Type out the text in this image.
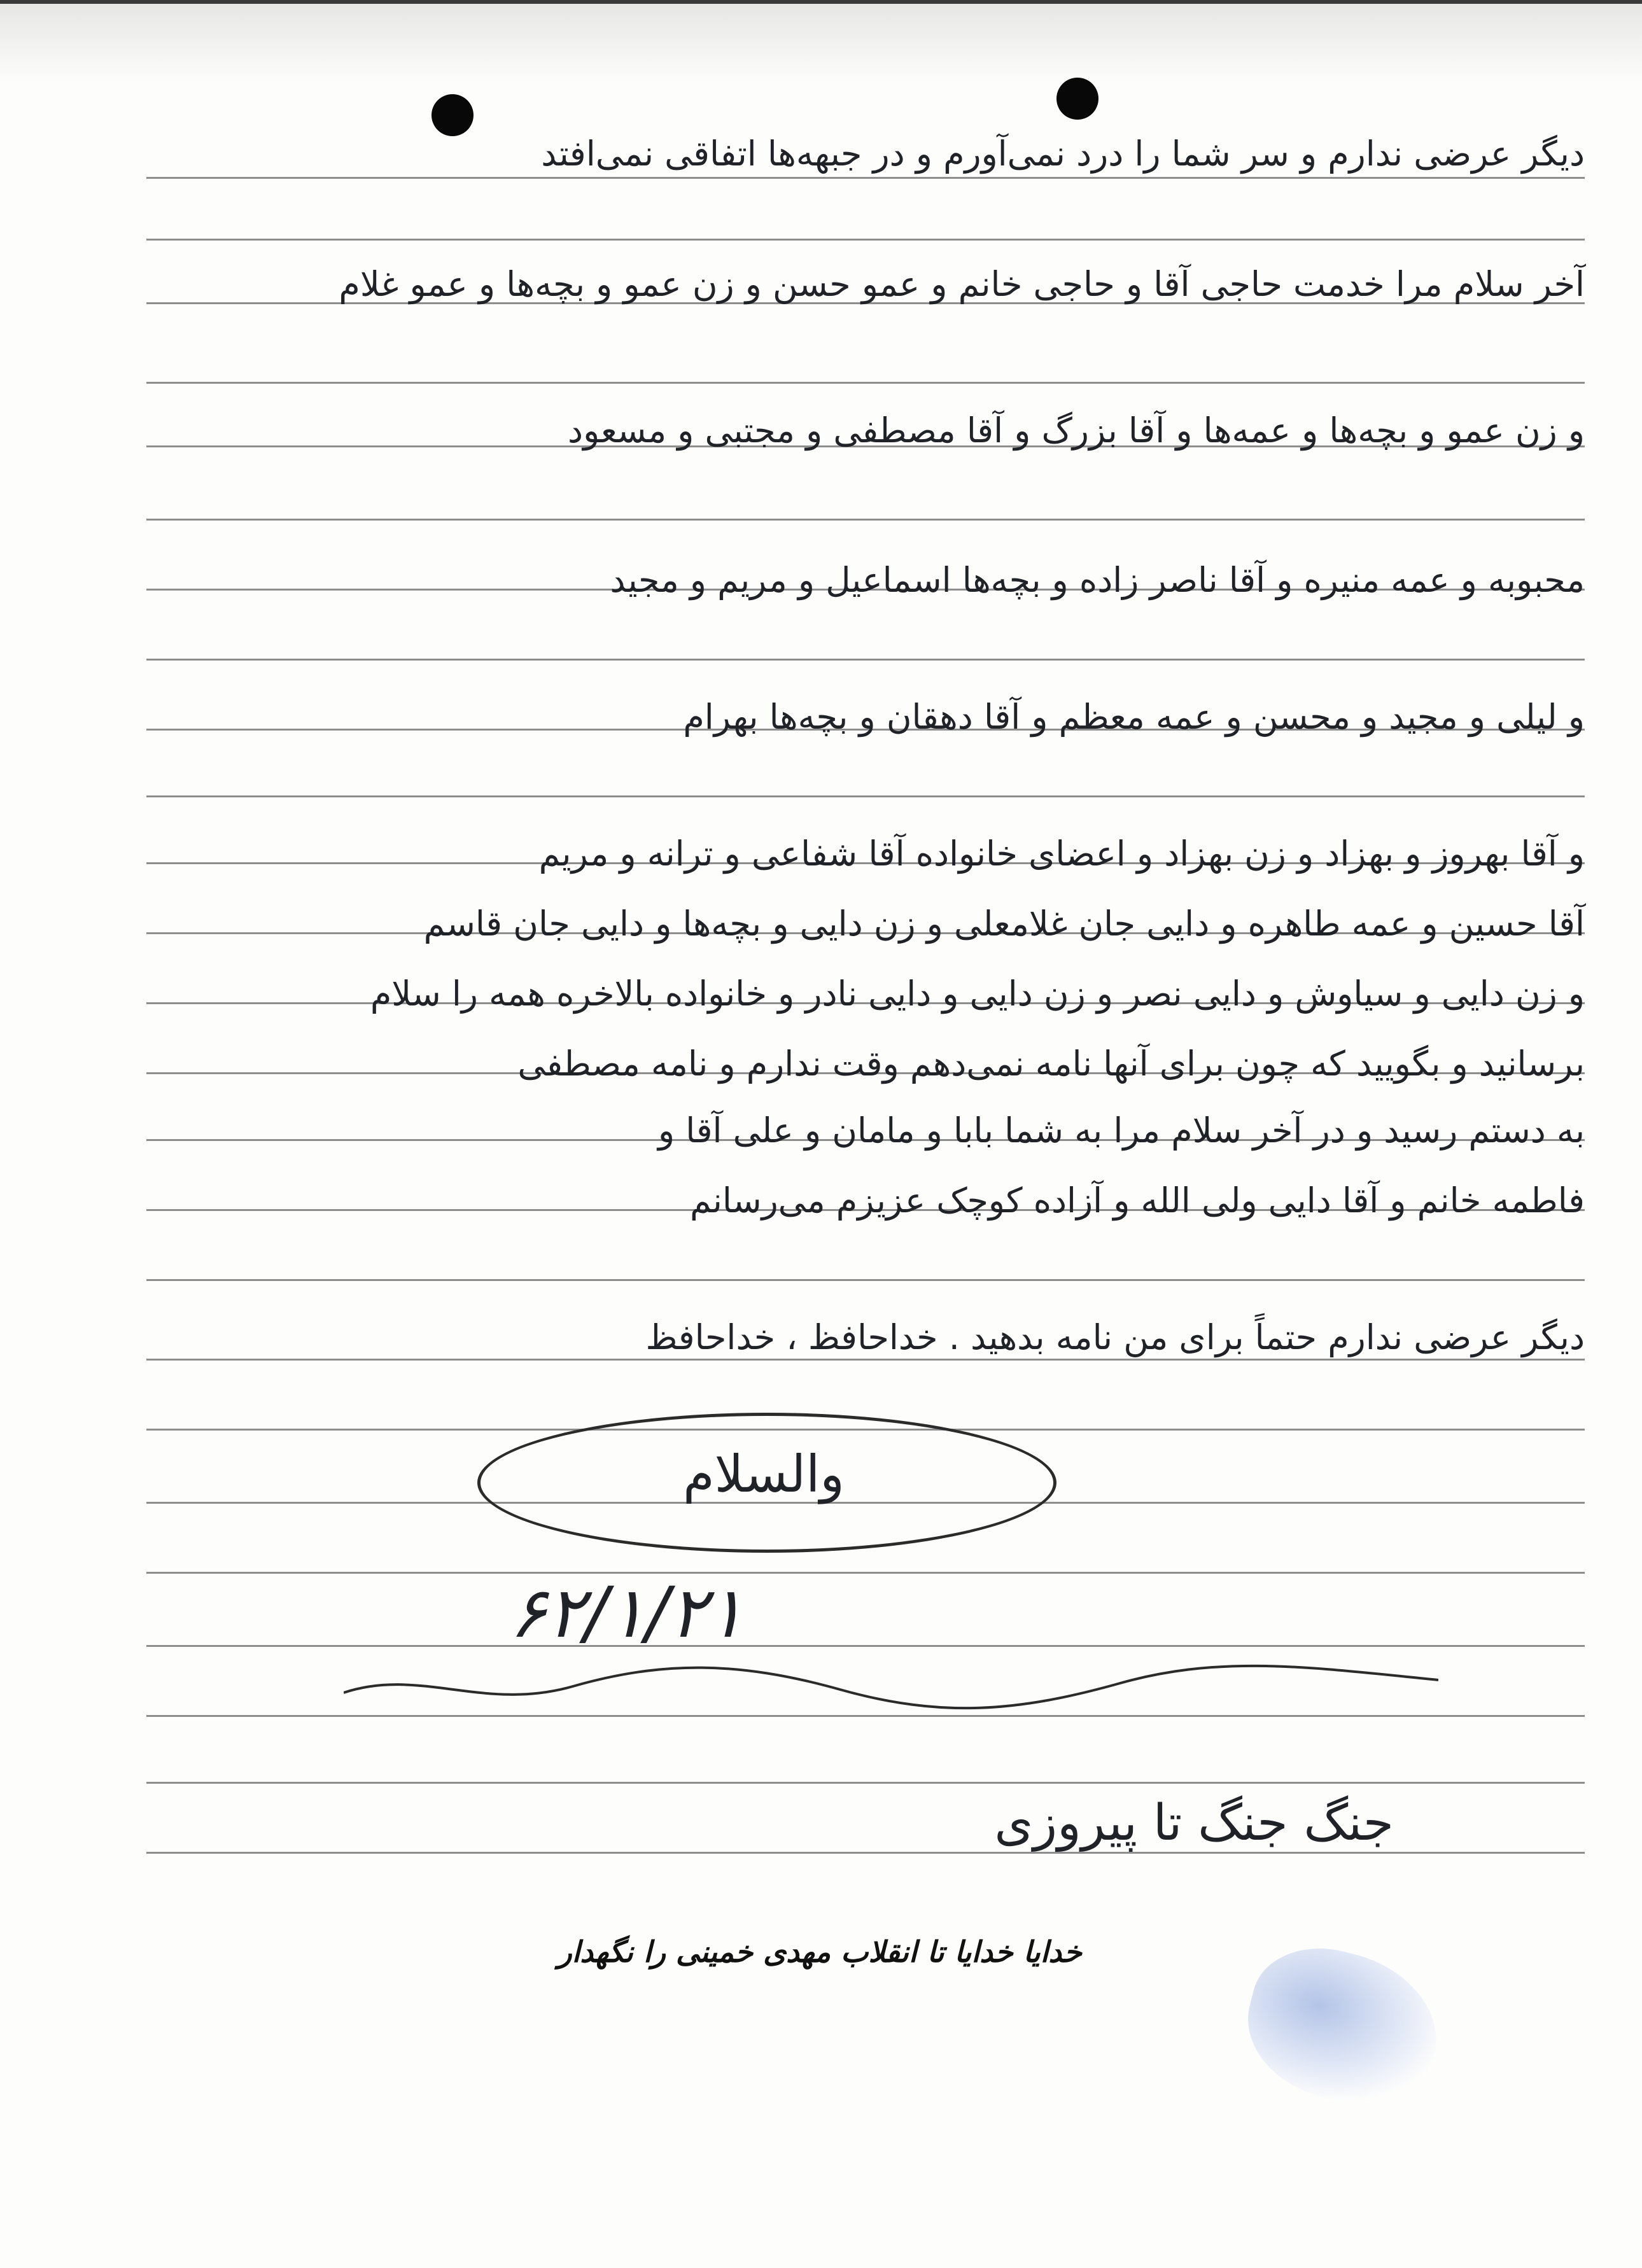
دیگر عرضی ندارم و سر شما را درد نمی‌آورم و در جبهه‌ها اتفاقی نمی‌افتد
آخر سلام مرا خدمت حاجی آقا و حاجی خانم و عمو حسن و زن عمو و بچه‌ها و عمو غلام
و زن عمو و بچه‌ها و عمه‌ها و آقا بزرگ و آقا مصطفی و مجتبی و مسعود
محبوبه و عمه منیره و آقا ناصر زاده و بچه‌ها اسماعیل و مریم و مجید
و لیلی و مجید و محسن و عمه معظم و آقا دهقان و بچه‌ها بهرام
و آقا بهروز و بهزاد و زن بهزاد و اعضای خانواده آقا شفاعی و ترانه و مریم
آقا حسین و عمه طاهره و دایی جان غلامعلی و زن دایی و بچه‌ها و دایی جان قاسم
و زن دایی و سیاوش و دایی نصر و زن دایی و دایی نادر و خانواده بالاخره همه را سلام
برسانید و بگویید که چون برای آنها نامه نمی‌دهم وقت ندارم و نامه مصطفی
به دستم رسید و در آخر سلام مرا به شما بابا و مامان و علی آقا و
فاطمه خانم و آقا دایی ولی الله و آزاده کوچک عزیزم می‌رسانم
دیگر عرضی ندارم حتماً برای من نامه بدهید . خداحافظ ، خداحافظ
والسلام
۶۲/۱/۲۱
جنگ جنگ تا پیروزی
خدایا خدایا تا انقلاب مهدی خمینی را نگهدار
